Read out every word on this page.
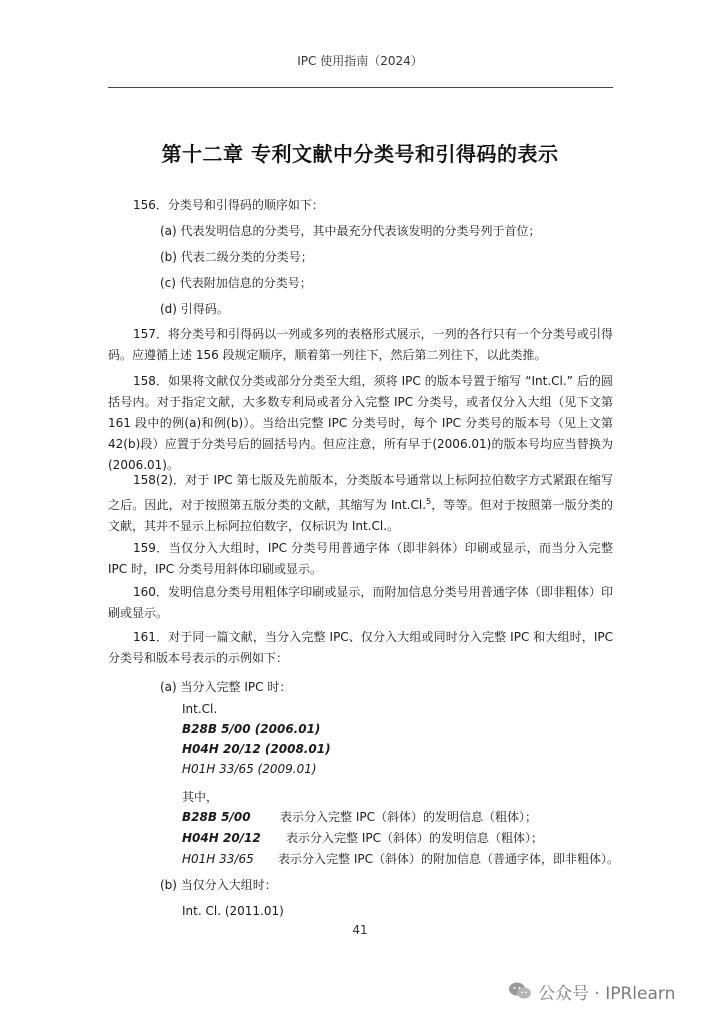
IPC 使用指南（2024）
第十二章 专利文献中分类号和引得码的表示

156．分类号和引得码的顺序如下：

(a) 代表发明信息的分类号，其中最充分代表该发明的分类号列于首位；
(b) 代表二级分类的分类号；
(c) 代表附加信息的分类号；
(d) 引得码。

157．将分类号和引得码以一列或多列的表格形式展示，一列的各行只有一个分类号或引得码。应遵循上述 156 段规定顺序，顺着第一列往下，然后第二列往下，以此类推。

158．如果将文献仅分类或部分分类至大组，须将 IPC 的版本号置于缩写 “Int.Cl.” 后的圆括号内。对于指定文献，大多数专利局或者分入完整 IPC 分类号，或者仅分入大组（见下文第 161 段中的例(a)和例(b)）。当给出完整 IPC 分类号时，每个 IPC 分类号的版本号（见上文第 42(b)段）应置于分类号后的圆括号内。但应注意，所有早于(2006.01)的版本号均应当替换为(2006.01)。

158(2)．对于 IPC 第七版及先前版本，分类版本号通常以上标阿拉伯数字方式紧跟在缩写之后。因此，对于按照第五版分类的文献，其缩写为 Int.Cl.$^5$，等等。但对于按照第一版分类的文献，其并不显示上标阿拉伯数字，仅标识为 Int.Cl.。

159．当仅分入大组时，IPC 分类号用普通字体（即非斜体）印刷或显示，而当分入完整 IPC 时，IPC 分类号用斜体印刷或显示。

160．发明信息分类号用粗体字印刷或显示，而附加信息分类号用普通字体（即非粗体）印刷或显示。

161．对于同一篇文献，当分入完整 IPC、仅分入大组或同时分入完整 IPC 和大组时，IPC 分类号和版本号表示的示例如下：

(a) 当分入完整 IPC 时：
Int.Cl.
B28B 5/00 (2006.01)
H04H 20/12 (2008.01)
H01H 33/65 (2009.01)
其中，
B28B 5/00 表示分入完整 IPC（斜体）的发明信息（粗体）；
H04H 20/12 表示分入完整 IPC（斜体）的发明信息（粗体）；
H01H 33/65 表示分入完整 IPC（斜体）的附加信息（普通字体，即非粗体）。
(b) 当仅分入大组时：
Int. Cl. (2011.01)
41
公众号 · IPRlearn
